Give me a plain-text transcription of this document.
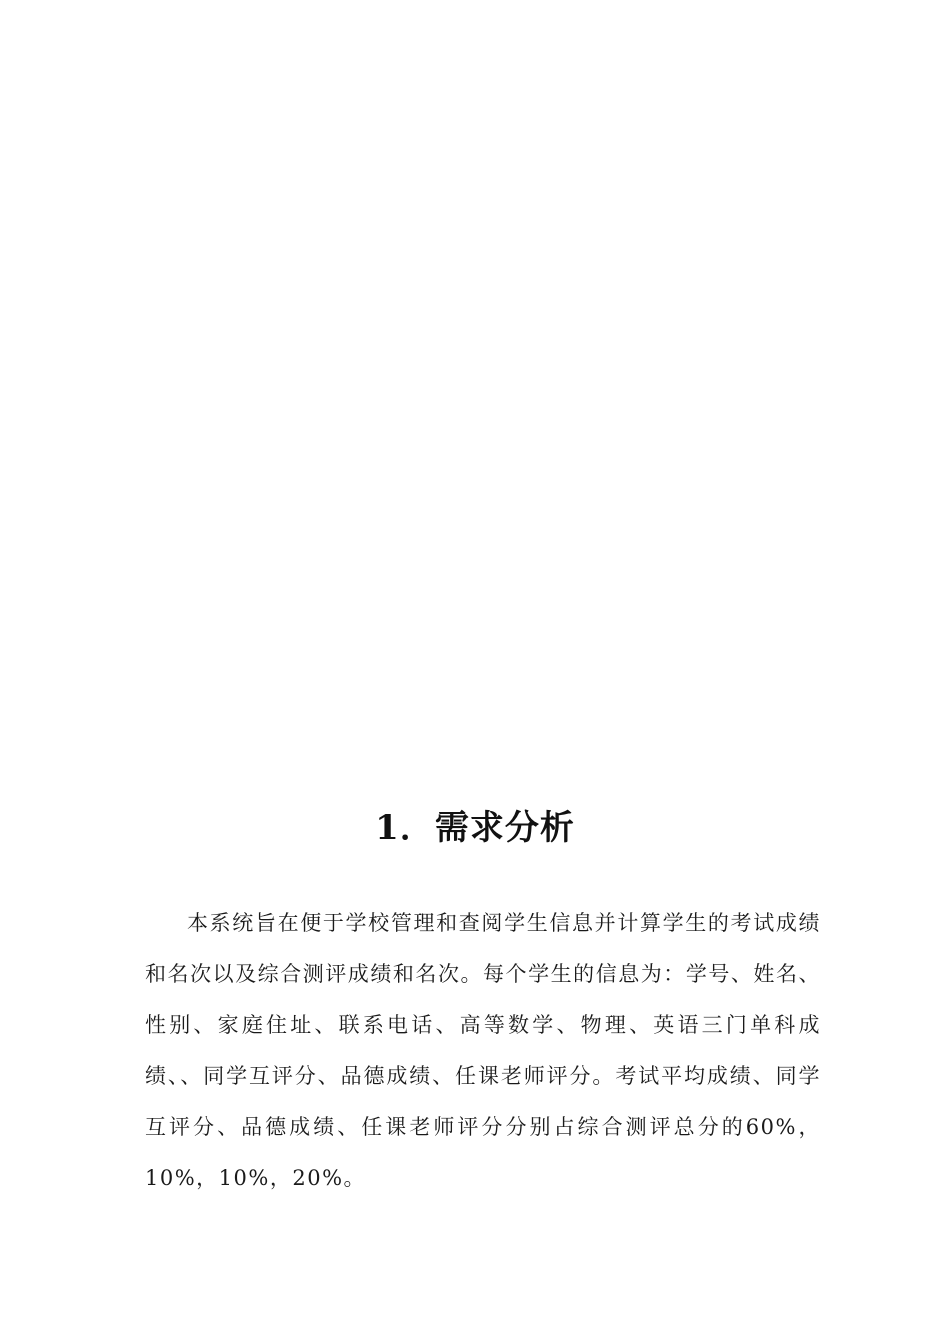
1．需求分析

本系统旨在便于学校管理和查阅学生信息并计算学生的考试成绩和名次以及综合测评成绩和名次。每个学生的信息为：学号、姓名、性别、家庭住址、联系电话、高等数学、物理、英语三门单科成绩、、同学互评分、品德成绩、任课老师评分。考试平均成绩、同学互评分、品德成绩、任课老师评分分别占综合测评总分的60%，10%，10%，20%。
